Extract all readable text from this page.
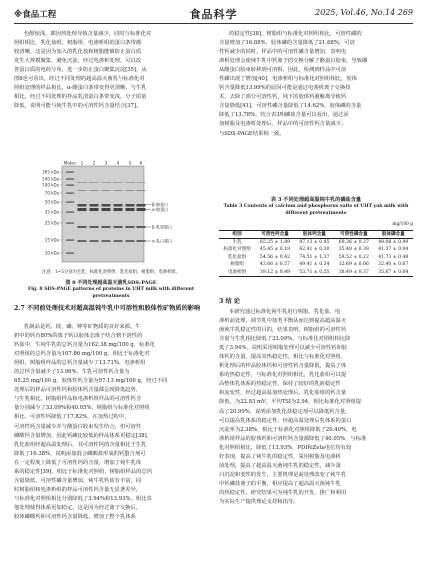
※食品工程	食品科学	2025, Vol.46, No.14 269
色醇较浅，都因热处理导致含量减少，同时与标准化对
照组相比，乳化盐组、树脂组、电渗析组的蛋白条带都
较清晰，这是因为加入的乳化盐和树脂能够防止蛋白质
发生大规模聚集，避免沉淀，经过电渗析处理，可以改
善蛋白质的电荷分布，进一步防止蛋白聚集沉淀[35]，从
图8也可看出，经过不同处理的超高温灭菌乳与标准化对
照组处理的样品相比，α-酪蛋白条带变得更清晰，与生乳
相比，经过不同处理的样品乳清蛋白条带变浅，分子质量
降低，说明可能与钝牛乳中的可溶性钙含量结合[37]。
265 kDa
140 kDa
100 kDa
70 kDa
50 kDa
35 kDa
25 kDa
15 kDa
10 kDa
Maker 1 2 3 4 5 6
β-酪蛋白
α-酪蛋白
β-乳球蛋白
α-乳白蛋白
注意：1~5分别为生乳、标准化对照组、乳化盐组、树脂组、电渗析组。
图 8 不同处理超高温灭菌乳SDS-PAGE
Fig. 8 SDS-PAGE patterns of proteins in UHT milk with different pretreatments
2.7 不同前处理技术对超高温钝牛乳中可溶性和胶体性矿物质的影响
乳制品是钙、镁、磷、钾等矿物质的良好来源。牛
奶中的钙有80%的离子钙以胶体态离子结合到不溶性的
钙盐中，生钝牛乳的总钙含量为162.38 mg/100 g，标准化
对照组的总钙含量为107.86 mg/100 g，相比于标准化对
照组，树脂组样品的总钙含量减少了13.71%，电渗析组
的总钙含量减少了13.96%，生乳可溶性钙含量为
65.25 mg/100 g，胶体性钙含量为97.13 mg/100 g，经过不同
处理后的样品可溶性钙和胶体钙含量都呈现降低趋势，
与生乳相比，树脂组样品和电渗析组样品的可溶性钙含
量分别减少了33.09%和40.05%，树脂组与标准化对照组
相比，可溶性钙降低了17.82%，在加热过程中，
可溶性钙含量减少并与酪蛋白胶束发生结合，但可溶性
磷酸钙含量增加，因此钙磷比较低的样品体系更稳定[38]，
乳化盐组经超高温处理后，其可溶性钙的含量相比于生乳
降低了16.38%，说明添加混合磷酸盐形成的钙螯合剂可
在一定程度上降低了可溶性钙的含量，增加了钝牛乳体
系的稳定性[39]，相比于标准化对照组，树脂组样品的总钙
含量降低，可溶性磷含量增加，钝牛乳钙盐有丰富，同
时树脂组和电渗析组的样品可溶性钙含量无显著差异，
与标准化对照组相比分别降低了3.94%和13.93%，相比其
他处理使得体系更加稳定，这是因为经过离子交换后，
胶体磷酸钙和可溶性钙含量降低，增加了整个乳体系
的稳定性[38]，树脂组与标准化对照组相比，可溶性磷的
含量增加了16.88%，胶体磷的含量降低了21.68%，可溶
性钙减少的同时，样品中的可溶性磷含量增加，表明电
渗析处理会使钝牛乳中钙离子的交换分解了酪蛋白胶束，导致磷
从酪蛋白胶束转移到可溶相，因此，检测到样品中可溶
性磷出现了增加[40]，电渗析组与标准化对照组相比，胶体
钙含量降低13.99%的原因可能是通过电渗析离子交换技
术，去除了部分可溶性钙，钝下的胶体钙被解离导致钙
含量降低[41]，可溶性磷含量降低了14.62%，胶体磷的含量
降低了13.78%，结合表3明磷盐含量可以看出，通过添
加树脂及电渗析处理后，样品中的可溶性钙含量减少，
与SDS-PAGE结果相一致。
表 3 不同处理超高温钝牛乳的磷盐含量
Table 3 Contents of calcium and phosphorus salts of UHT yak milk with different pretreatments
mg/100 g
组别	可溶性钙含量	胶体钙含量	可溶性磷含量	胶体磷含量
生乳	65.25 ± 1.89	97.13 ± 0.45	69.36 ± 0.37	48.08 ± 0.99
标准化对照组	45.45 ± 0.18	62.41 ± 0.30	35.48 ± 0.38	41.37 ± 0.04
乳化盐组	54.56 ± 0.42	74.51 ± 1.37	59.52 ± 0.22	41.73 ± 0.48
树脂组	43.66 ± 0.57	49.41 ± 0.34	32.69 ± 0.06	32.40 ± 0.67
电渗析组	39.12 ± 0.49	53.71 ± 0.55	38.49 ± 0.37	35.67 ± 0.04
3 结 论
本研究通过标准化钝牛乳进行树脂、乳化盐、电
渗析前处理，调节乳中盐类平衡从而达到提高超高温灭
菌钝牛乳稳定性的目的，结果表明，树脂组的可溶性钙
含量与生乳相比降低了33.09%，与标准化对照组相比降
低了3.94%，说明采用树脂处理可以减少可溶性钙和胶
体钙的含量，提高其热稳定性，相比与标准化对照组，
析处理后的样品胶体钙和可溶性钙含量降低，提高了体
系的热稳定性，与标准化对照组相比，乳化盐组可以提
高整体乳体系的热稳定性，保持了较好的乳液稳定性
和流变性，经过超高温加热处理后，乳化盐组的钙含量
降低，为22.83 mV，平均TSI为2.94，相比标准化对照组提
高了20.99%，说明添加乳化盐稳定剂可以降低钙含量，
可以提高乳体系的稳定性，经超高温处理后乳体系的蛋白
沉淀率为2.38%，相比于标准化对照组降低了20.40%，电
渗析组样品的胶体钙和可溶性钙含量都降低了40.05%，与标准
化对照组相比，降低了13.93%，PDI和Zeta电位均有较
好表现，提高了钝牛乳的稳定性，采用树脂及电渗析
前处理，提高了超高温灭菌钝牛乳的稳定性，减少蛋
白沉淀和变性的发生，主要机理是前处理改变了钝牛乳
中钙磷盐离子的平衡，相应提高了超高温灭菌钝牛乳
的热稳定性，研究结果可为钝牛乳的开发、推广和利用
为实际生产提供理论支持和指导。
